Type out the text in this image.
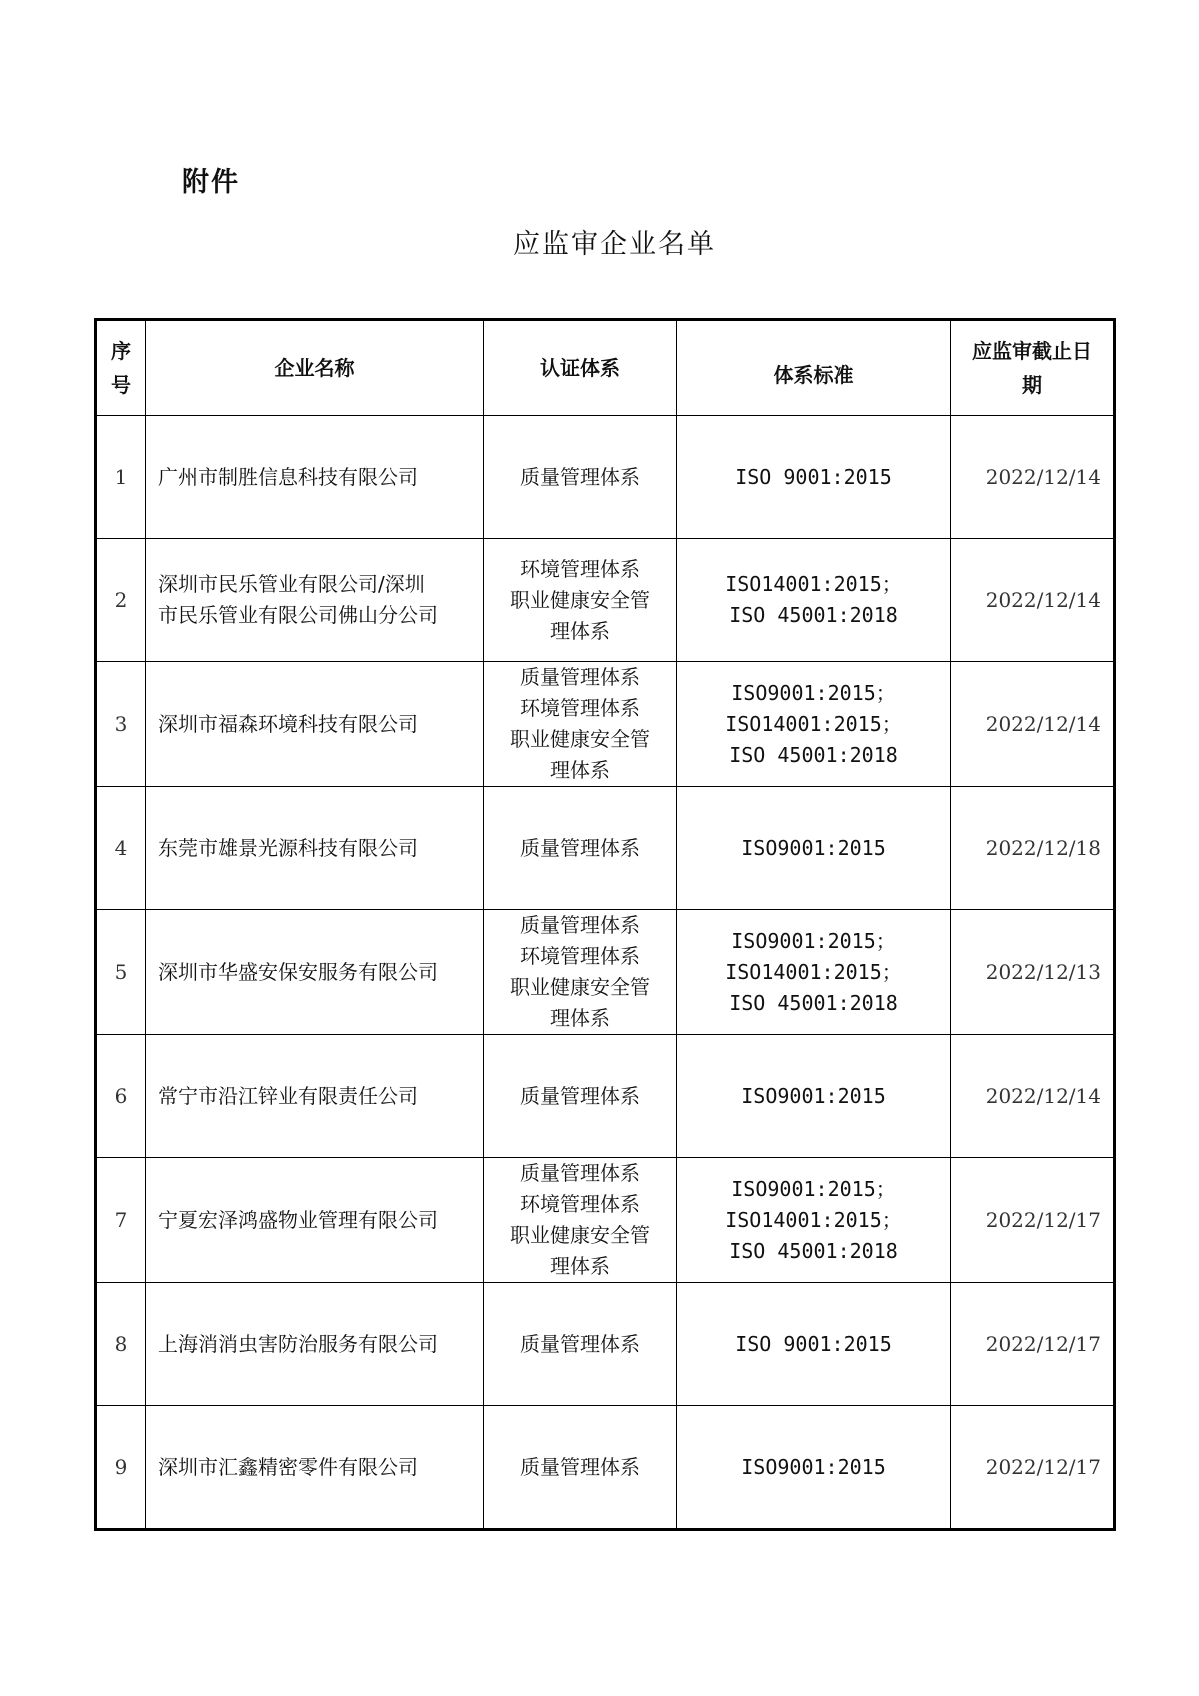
附件
应监审企业名单
序
号	企业名称	认证体系	体系标准	应监审截止日
期

1	广州市制胜信息科技有限公司	质量管理体系	ISO 9001:2015	2022/12/14
2	深圳市民乐管业有限公司/深圳
市民乐管业有限公司佛山分公司	环境管理体系
职业健康安全管
理体系	ISO14001:2015；
ISO 45001:2018	2022/12/14
3	深圳市福森环境科技有限公司	质量管理体系
环境管理体系
职业健康安全管
理体系	ISO9001:2015；
ISO14001:2015；
ISO 45001:2018	2022/12/14
4	东莞市雄景光源科技有限公司	质量管理体系	ISO9001:2015	2022/12/18
5	深圳市华盛安保安服务有限公司	质量管理体系
环境管理体系
职业健康安全管
理体系	ISO9001:2015；
ISO14001:2015；
ISO 45001:2018	2022/12/13
6	常宁市沿江锌业有限责任公司	质量管理体系	ISO9001:2015	2022/12/14
7	宁夏宏泽鸿盛物业管理有限公司	质量管理体系
环境管理体系
职业健康安全管
理体系	ISO9001:2015；
ISO14001:2015；
ISO 45001:2018	2022/12/17
8	上海消消虫害防治服务有限公司	质量管理体系	ISO 9001:2015	2022/12/17
9	深圳市汇鑫精密零件有限公司	质量管理体系	ISO9001:2015	2022/12/17
